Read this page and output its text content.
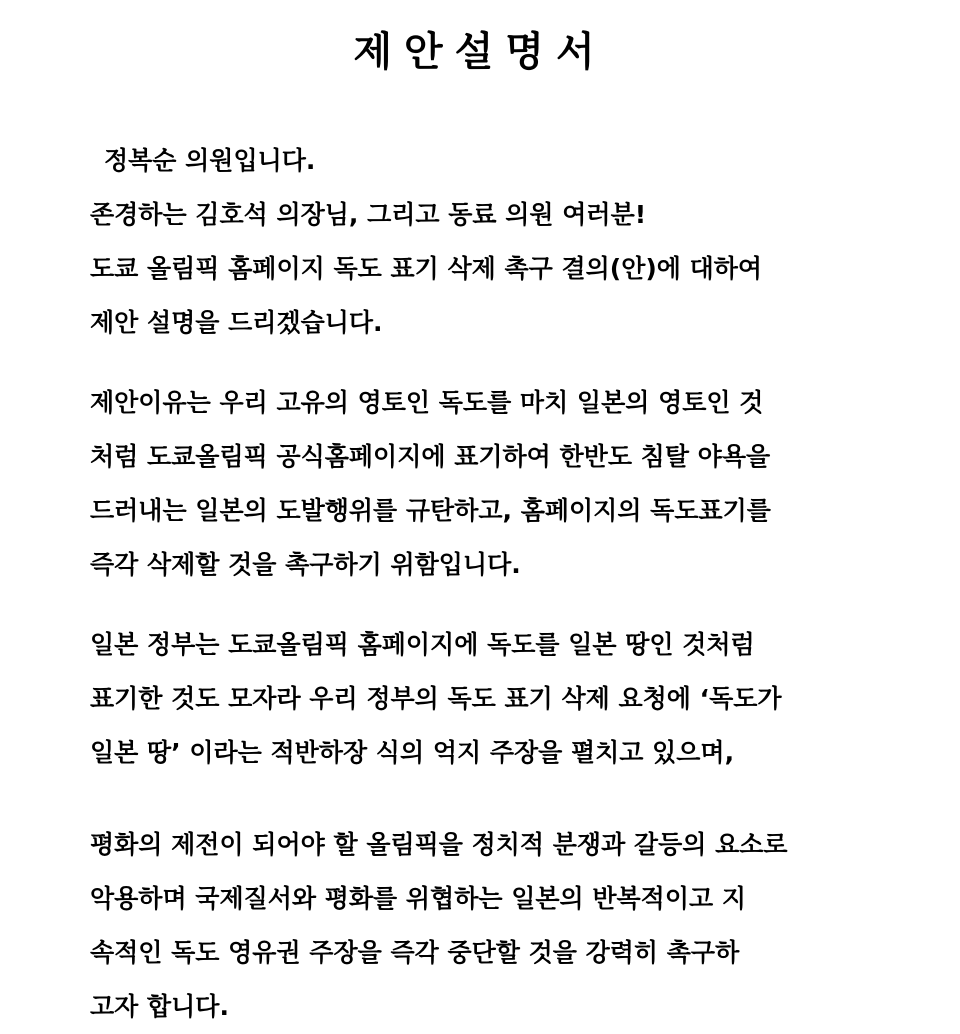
제안설명서
정복순 의원입니다.
존경하는 김호석 의장님, 그리고 동료 의원 여러분!
도쿄 올림픽 홈페이지 독도 표기 삭제 촉구 결의(안)에 대하여
제안 설명을 드리겠습니다.
제안이유는 우리 고유의 영토인 독도를 마치 일본의 영토인 것
처럼 도쿄올림픽 공식홈페이지에 표기하여 한반도 침탈 야욕을
드러내는 일본의 도발행위를 규탄하고, 홈페이지의 독도표기를
즉각 삭제할 것을 촉구하기 위함입니다.
일본 정부는 도쿄올림픽 홈페이지에 독도를 일본 땅인 것처럼
표기한 것도 모자라 우리 정부의 독도 표기 삭제 요청에 ‘독도가
일본 땅’ 이라는 적반하장 식의 억지 주장을 펼치고 있으며,
평화의 제전이 되어야 할 올림픽을 정치적 분쟁과 갈등의 요소로
악용하며 국제질서와 평화를 위협하는 일본의 반복적이고 지
속적인 독도 영유권 주장을 즉각 중단할 것을 강력히 촉구하
고자 합니다.
